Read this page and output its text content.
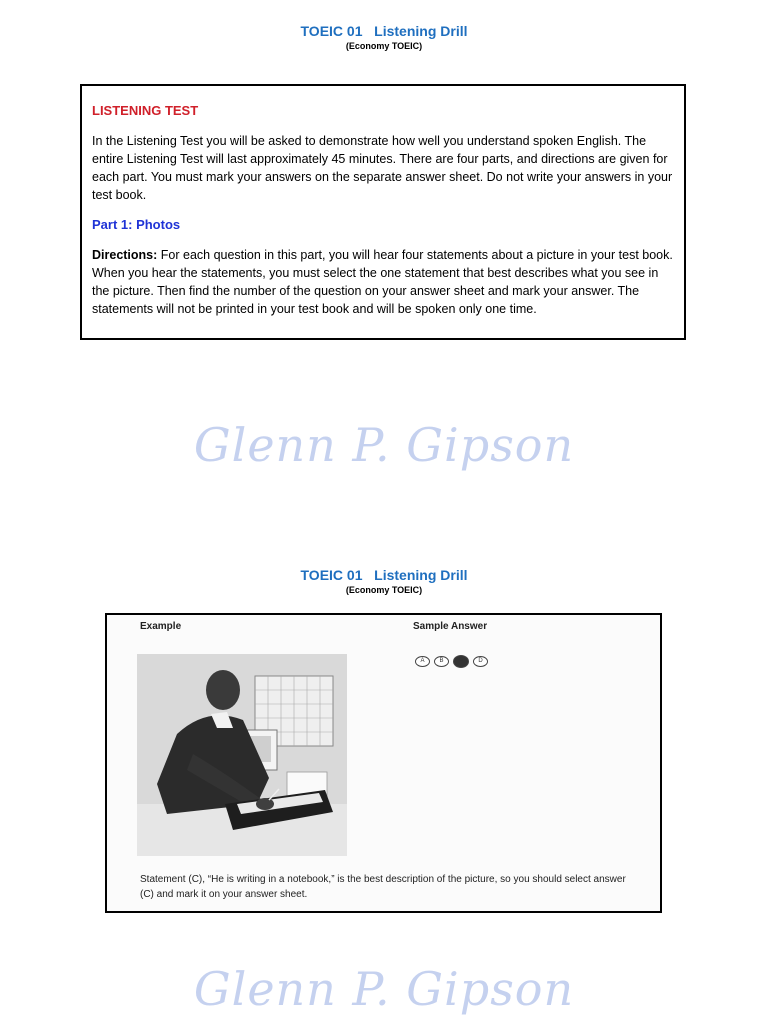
TOEIC 01   Listening Drill
(Economy TOEIC)
LISTENING TEST

In the Listening Test you will be asked to demonstrate how well you understand spoken English. The entire Listening Test will last approximately 45 minutes. There are four parts, and directions are given for each part. You must mark your answers on the separate answer sheet. Do not write your answers in your test book.

Part 1: Photos

Directions: For each question in this part, you will hear four statements about a picture in your test book. When you hear the statements, you must select the one statement that best describes what you see in the picture. Then find the number of the question on your answer sheet and mark your answer. The statements will not be printed in your test book and will be spoken only one time.

Glenn P. Gipson
TOEIC 01   Listening Drill
(Economy TOEIC)
Example	Sample Answer
A	B	C	D
Statement (C), “He is writing in a notebook,” is the best description of the picture, so you should select answer (C) and mark it on your answer sheet.
Glenn P. Gipson
